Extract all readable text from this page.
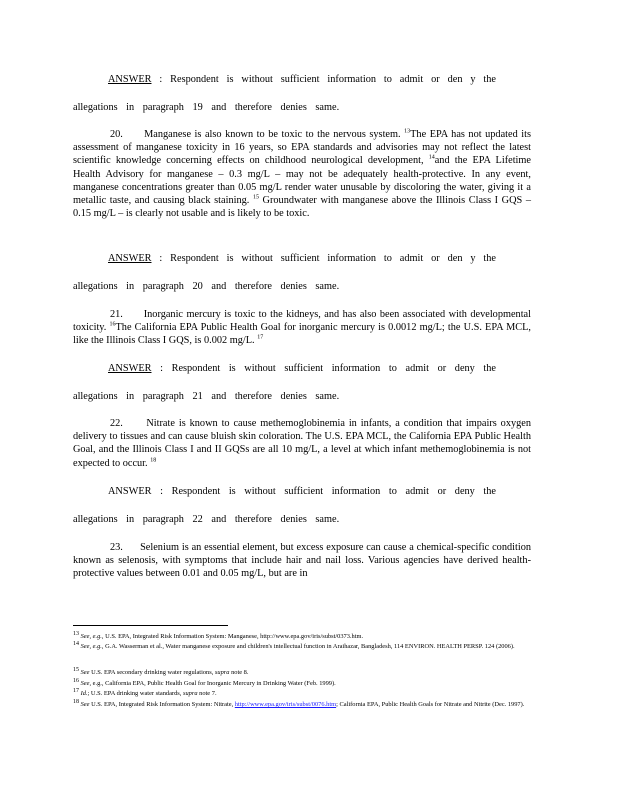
ANSWER : Respondent is without sufficient information to admit or den y the
allegations in paragraph 19 and therefore denies same.

20. Manganese is also known to be toxic to the nervous system. $^{13}$The EPA has not updated its assessment of manganese toxicity in 16 years, so EPA standards and advisories may not reflect the latest scientific knowledge concerning effects on childhood neurological development, $^{14}$and the EPA Lifetime Health Advisory for manganese – 0.3 mg/L – may not be adequately health-protective. In any event, manganese concentrations greater than 0.05 mg/L render water unusable by discoloring the water, giving it a metallic taste, and causing black staining. $^{15}$ Groundwater with manganese above the Illinois Class I GQS – 0.15 mg/L – is clearly not usable and is likely to be toxic.

ANSWER : Respondent is without sufficient information to admit or den y the
allegations in paragraph 20 and therefore denies same.

21. Inorganic mercury is toxic to the kidneys, and has also been associated with developmental toxicity. $^{16}$The California EPA Public Health Goal for inorganic mercury is 0.0012 mg/L; the U.S. EPA MCL, like the Illinois Class I GQS, is 0.002 mg/L. $^{17}$

ANSWER : Respondent is without sufficient information to admit or deny the
allegations in paragraph 21 and therefore denies same.

22. Nitrate is known to cause methemoglobinemia in infants, a condition that impairs oxygen delivery to tissues and can cause bluish skin coloration. The U.S. EPA MCL, the California EPA Public Health Goal, and the Illinois Class I and II GQSs are all 10 mg/L, a level at which infant methemoglobinemia is not expected to occur. $^{18}$

ANSWER : Respondent is without sufficient information to admit or deny the
allegations in paragraph 22 and therefore denies same.

23. Selenium is an essential element, but excess exposure can cause a chemical-specific condition known as selenosis, with symptoms that include hair and nail loss. Various agencies have derived health-protective values between 0.01 and 0.05 mg/L, but are in

$^{13}$ See, e.g., U.S. EPA, Integrated Risk Information System: Manganese, http://www.epa.gov/iris/subst/0373.htm.
$^{14}$ See, e.g., G.A. Wasserman et al., Water manganese exposure and children's intellectual function in Araihazar, Bangladesh, 114 ENVIRON. HEALTH PERSP. 124 (2006).
$^{15}$ See U.S. EPA secondary drinking water regulations, supra note 8.
$^{16}$ See, e.g., California EPA, Public Health Goal for Inorganic Mercury in Drinking Water (Feb. 1999).
$^{17}$ Id.; U.S. EPA drinking water standards, supra note 7.
$^{18}$ See U.S. EPA, Integrated Risk Information System: Nitrate, http://www.epa.gov/iris/subst/0076.htm; California EPA, Public Health Goals for Nitrate and Nitrite (Dec. 1997).
